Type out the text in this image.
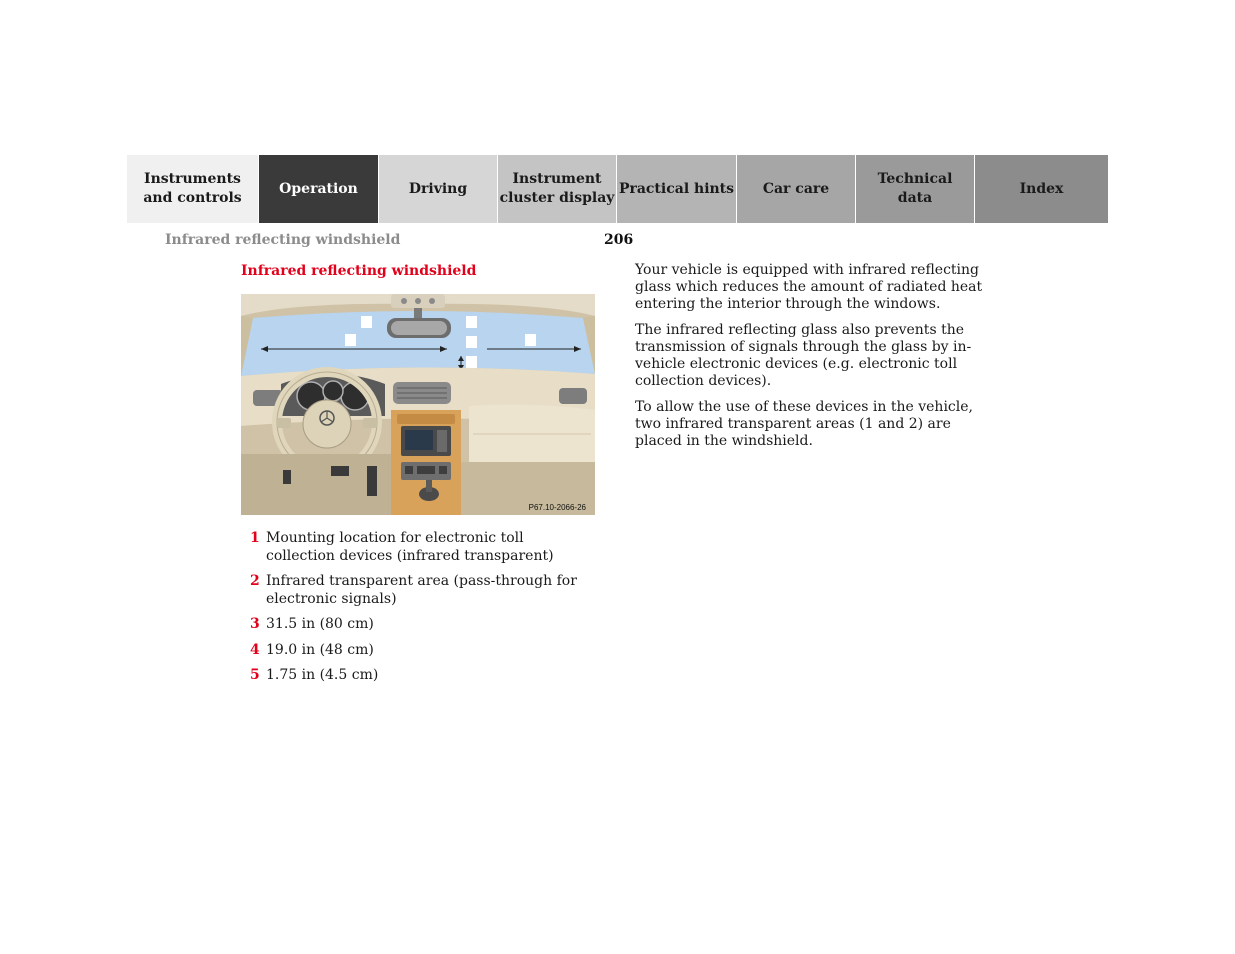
Instruments
and controls
Operation	Driving
Instrument
cluster display
Practical hints	Car care
Technical
data
Index
Infrared reflecting windshield	206
Infrared reflecting windshield
P67.10-2066-26
1 Mounting location for electronic toll collection devices (infrared transparent)
2 Infrared transparent area (pass-through for electronic signals)
3 31.5 in (80 cm)
4 19.0 in (48 cm)
5 1.75 in (4.5 cm)

Your vehicle is equipped with infrared reflecting glass which reduces the amount of radiated heat entering the interior through the windows.

The infrared reflecting glass also prevents the transmission of signals through the glass by in-vehicle electronic devices (e.g. electronic toll collection devices).

To allow the use of these devices in the vehicle, two infrared transparent areas (1 and 2) are placed in the windshield.
